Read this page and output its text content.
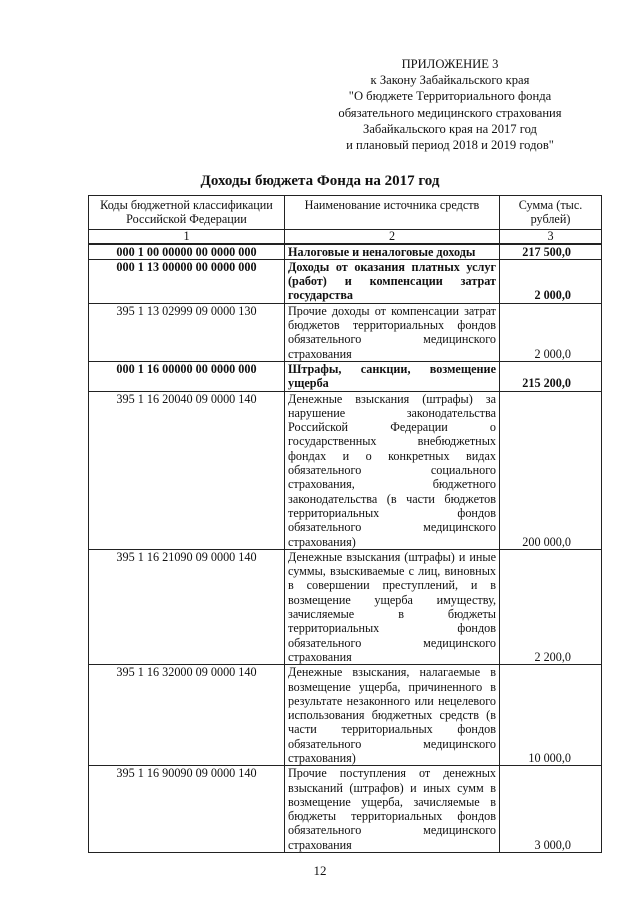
ПРИЛОЖЕНИЕ 3
к Закону Забайкальского края
"О бюджете Территориального фонда
обязательного медицинского страхования
Забайкальского края на 2017 год
и плановый период 2018 и 2019 годов"
Доходы бюджета Фонда на 2017 год
Коды бюджетной классификации Российской Федерации	Наименование источника средств	Сумма (тыс. рублей)
1	2	3
000 1 00 00000 00 0000 000	Налоговые и неналоговые доходы	217 500,0
000 1 13 00000 00 0000 000	Доходы от оказания платных услуг (работ) и компенсации затрат государства	2 000,0
395 1 13 02999 09 0000 130	Прочие доходы от компенсации затрат бюджетов территориальных фондов обязательного медицинского страхования	2 000,0
000 1 16 00000 00 0000 000	Штрафы, санкции, возмещение ущерба	215 200,0
395 1 16 20040 09 0000 140	Денежные взыскания (штрафы) за нарушение законодательства Российской Федерации о государственных внебюджетных фондах и о конкретных видах обязательного социального страхования, бюджетного законодательства (в части бюджетов территориальных фондов обязательного медицинского страхования)	200 000,0
395 1 16 21090 09 0000 140	Денежные взыскания (штрафы) и иные суммы, взыскиваемые с лиц, виновных в совершении преступлений, и в возмещение ущерба имуществу, зачисляемые в бюджеты территориальных фондов обязательного медицинского страхования	2 200,0
395 1 16 32000 09 0000 140	Денежные взыскания, налагаемые в возмещение ущерба, причиненного в результате незаконного или нецелевого использования бюджетных средств (в части территориальных фондов обязательного медицинского страхования)	10 000,0
395 1 16 90090 09 0000 140	Прочие поступления от денежных взысканий (штрафов) и иных сумм в возмещение ущерба, зачисляемые в бюджеты территориальных фондов обязательного медицинского страхования	3 000,0
12
